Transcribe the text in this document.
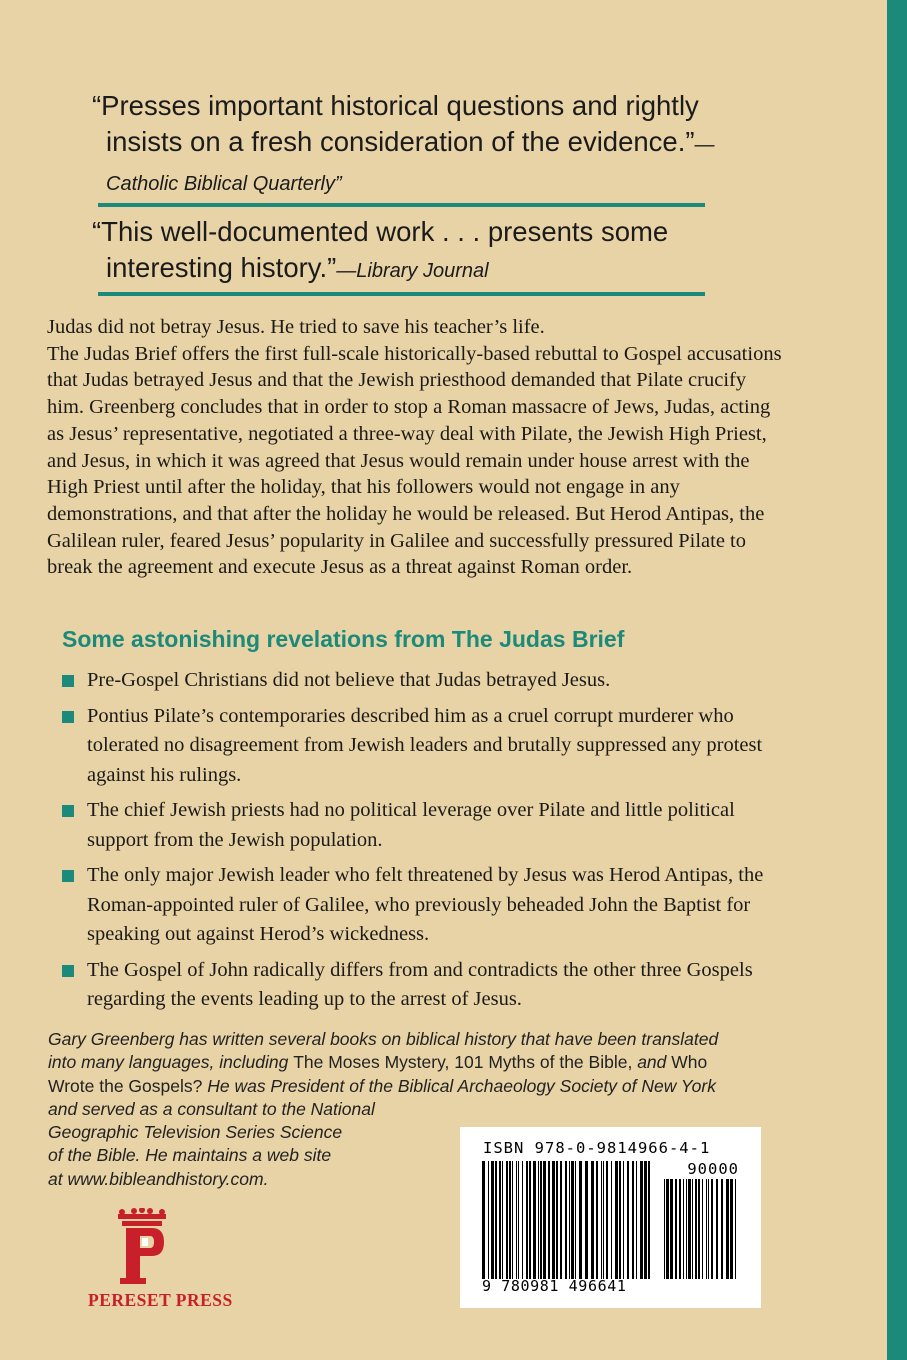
“Presses important historical questions and rightly insists on a fresh consideration of the evidence.”—Catholic Biblical Quarterly”
“This well-documented work . . . presents some interesting history.”—Library Journal

Judas did not betray Jesus. He tried to save his teacher’s life.

The Judas Brief offers the first full-scale historically-based rebuttal to Gospel accusations that Judas betrayed Jesus and that the Jewish priesthood demanded that Pilate crucify him. Greenberg concludes that in order to stop a Roman massacre of Jews, Judas, acting as Jesus’ representative, negotiated a three-way deal with Pilate, the Jewish High Priest, and Jesus, in which it was agreed that Jesus would remain under house arrest with the High Priest until after the holiday, that his followers would not engage in any demonstrations, and that after the holiday he would be released. But Herod Antipas, the Galilean ruler, feared Jesus’ popularity in Galilee and successfully pressured Pilate to break the agreement and execute Jesus as a threat against Roman order.

Some astonishing revelations from The Judas Brief
Pre-Gospel Christians did not believe that Judas betrayed Jesus.
Pontius Pilate’s contemporaries described him as a cruel corrupt murderer who tolerated no disagreement from Jewish leaders and brutally suppressed any protest against his rulings.
The chief Jewish priests had no political leverage over Pilate and little political support from the Jewish population.
The only major Jewish leader who felt threatened by Jesus was Herod Antipas, the Roman-appointed ruler of Galilee, who previously beheaded John the Baptist for speaking out against Herod’s wickedness.
The Gospel of John radically differs from and contradicts the other three Gospels regarding the events leading up to the arrest of Jesus.
Gary Greenberg has written several books on biblical history that have been translated
into many languages, including The Moses Mystery, 101 Myths of the Bible, and Who
Wrote the Gospels? He was President of the Biblical Archaeology Society of New York
and served as a consultant to the National
Geographic Television Series Science
of the Bible. He maintains a web site
at www.bibleandhistory.com.
ISBN 978-0-9814966-4-1
90000
9 780981 496641
PERESET PRESS
